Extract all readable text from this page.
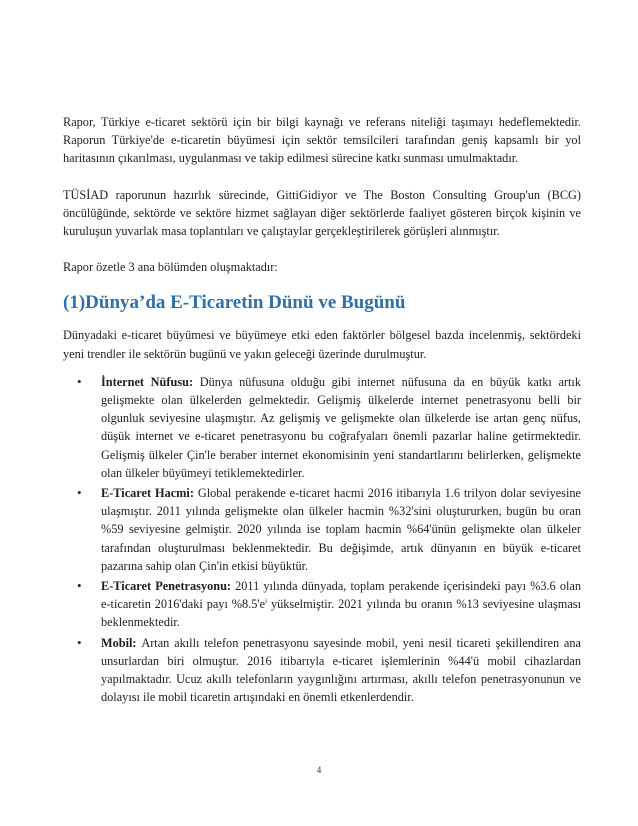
Rapor, Türkiye e-ticaret sektörü için bir bilgi kaynağı ve referans niteliği taşımayı hedeflemektedir. Raporun Türkiye'de e-ticaretin büyümesi için sektör temsilcileri tarafından geniş kapsamlı bir yol haritasının çıkarılması, uygulanması ve takip edilmesi sürecine katkı sunması umulmaktadır.

TÜSİAD raporunun hazırlık sürecinde, GittiGidiyor ve The Boston Consulting Group'un (BCG) öncülüğünde, sektörde ve sektöre hizmet sağlayan diğer sektörlerde faaliyet gösteren birçok kişinin ve kuruluşun yuvarlak masa toplantıları ve çalıştaylar gerçekleştirilerek görüşleri alınmıştır.

Rapor özetle 3 ana bölümden oluşmaktadır:

(1)Dünya’da E-Ticaretin Dünü ve Bugünü

Dünyadaki e-ticaret büyümesi ve büyümeye etki eden faktörler bölgesel bazda incelenmiş, sektördeki yeni trendler ile sektörün bugünü ve yakın geleceği üzerinde durulmuştur.

• İnternet Nüfusu: Dünya nüfusuna olduğu gibi internet nüfusuna da en büyük katkı artık gelişmekte olan ülkelerden gelmektedir. Gelişmiş ülkelerde internet penetrasyonu belli bir olgunluk seviyesine ulaşmıştır. Az gelişmiş ve gelişmekte olan ülkelerde ise artan genç nüfus, düşük internet ve e-ticaret penetrasyonu bu coğrafyaları önemli pazarlar haline getirmektedir. Gelişmiş ülkeler Çin'le beraber internet ekonomisinin yeni standartlarını belirlerken, gelişmekte olan ülkeler büyümeyi tetiklemektedirler.
• E-Ticaret Hacmi: Global perakende e-ticaret hacmi 2016 itibarıyla 1.6 trilyon dolar seviyesine ulaşmıştır. 2011 yılında gelişmekte olan ülkeler hacmin %32'sini oluştururken, bugün bu oran %59 seviyesine gelmiştir. 2020 yılında ise toplam hacmin %64'ünün gelişmekte olan ülkeler tarafından oluşturulması beklenmektedir. Bu değişimde, artık dünyanın en büyük e-ticaret pazarına sahip olan Çin'in etkisi büyüktür.
• E-Ticaret Penetrasyonu: 2011 yılında dünyada, toplam perakende içerisindeki payı %3.6 olan e-ticaretin 2016'daki payı $\%8.5'e^i$ yükselmiştir. 2021 yılında bu oranın %13 seviyesine ulaşması beklenmektedir.
• Mobil: Artan akıllı telefon penetrasyonu sayesinde mobil, yeni nesil ticareti şekillendiren ana unsurlardan biri olmuştur. 2016 itibarıyla e-ticaret işlemlerinin %44'ü mobil cihazlardan yapılmaktadır. Ucuz akıllı telefonların yaygınlığını artırması, akıllı telefon penetrasyonunun ve dolayısı ile mobil ticaretin artışındaki en önemli etkenlerdendir.
4
